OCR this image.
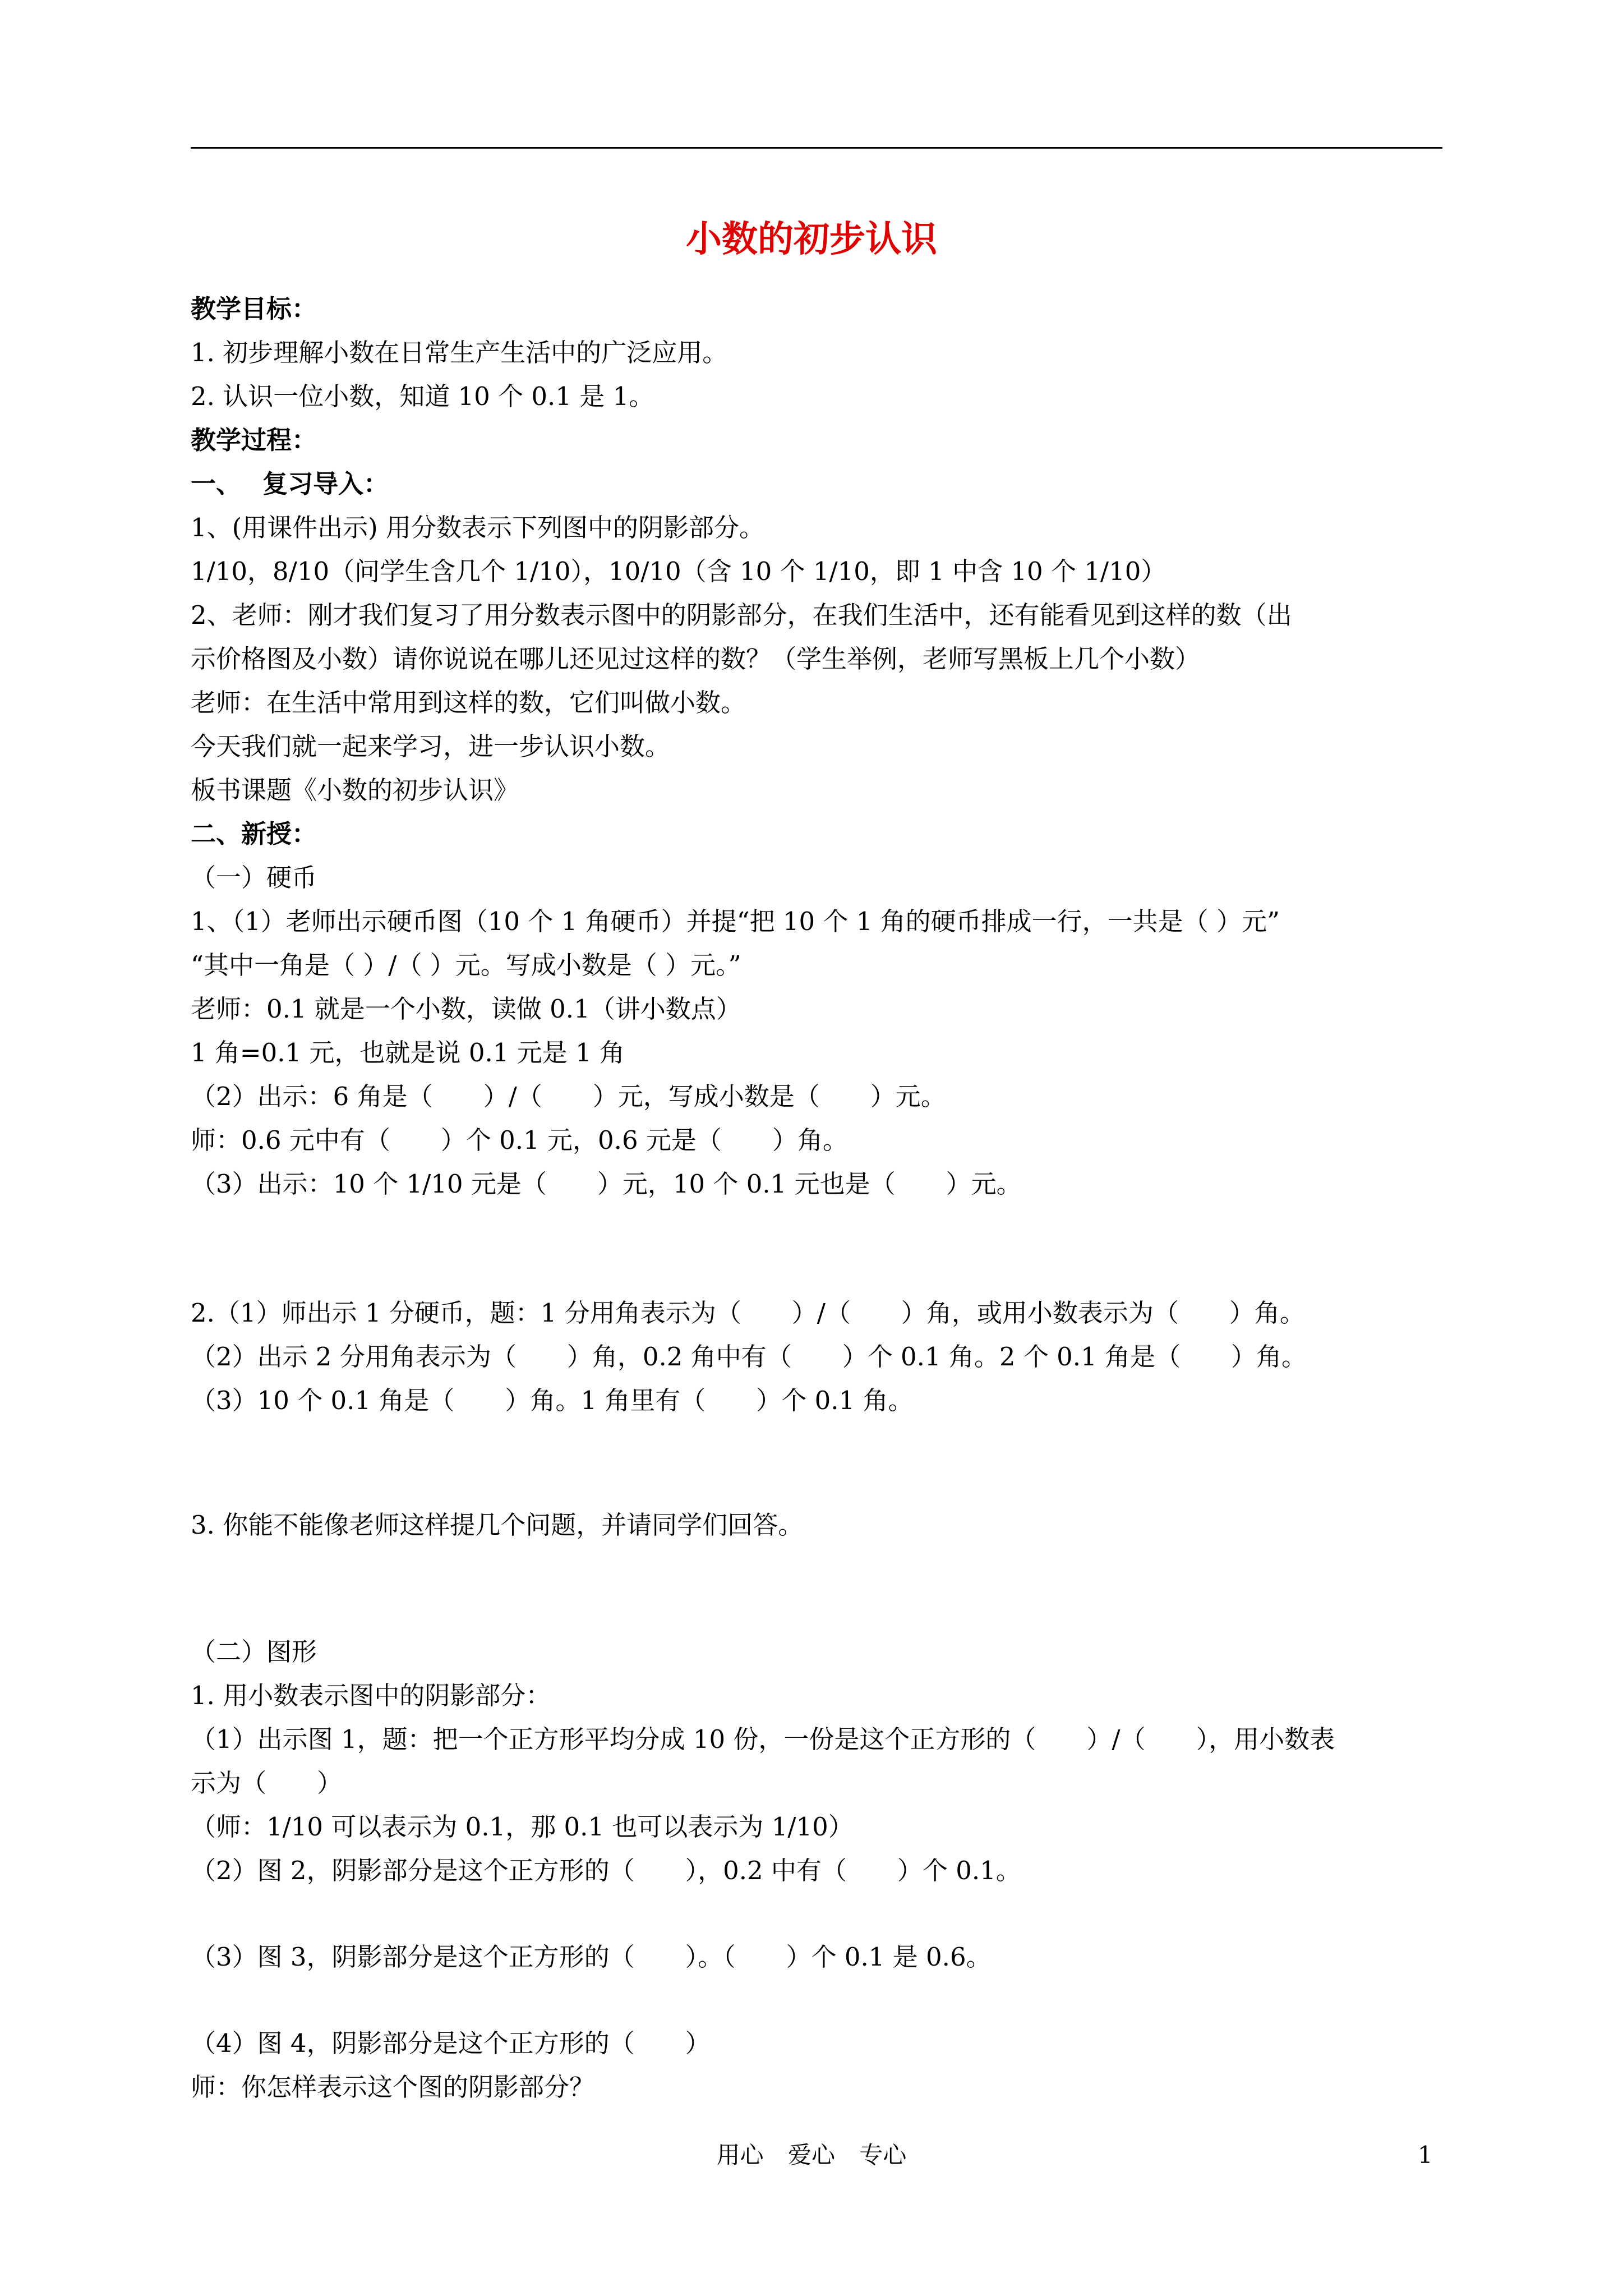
小数的初步认识
教学目标：
1. 初步理解小数在日常生产生活中的广泛应用。
2. 认识一位小数，知道 10 个 0.1 是 1。
教学过程：
一、　 复习导入：
1、(用课件出示) 用分数表示下列图中的阴影部分。
1/10，8/10（问学生含几个 1/10），10/10（含 10 个 1/10，即 1 中含 10 个 1/10）
2、老师：刚才我们复习了用分数表示图中的阴影部分，在我们生活中，还有能看见到这样的数（出
示价格图及小数）请你说说在哪儿还见过这样的数？（学生举例，老师写黑板上几个小数）
老师：在生活中常用到这样的数，它们叫做小数。
今天我们就一起来学习，进一步认识小数。
板书课题《小数的初步认识》
二、新授：
（一）硬币
1、（1）老师出示硬币图（10 个 1 角硬币）并提“把 10 个 1 角的硬币排成一行，一共是（ ）元”
“其中一角是（ ）/（ ）元。写成小数是（ ）元。”
老师：0.1 就是一个小数，读做 0.1（讲小数点）
1 角=0.1 元，也就是说 0.1 元是 1 角
（2）出示：6 角是（　　）/（　　）元，写成小数是（　　）元。
师：0.6 元中有（　　）个 0.1 元，0.6 元是（　　）角。
（3）出示：10 个 1/10 元是（　　）元，10 个 0.1 元也是（　　）元。
2.（1）师出示 1 分硬币，题：1 分用角表示为（　　）/（　　）角，或用小数表示为（　　）角。
（2）出示 2 分用角表示为（　　）角，0.2 角中有（　　）个 0.1 角。2 个 0.1 角是（　　）角。
（3）10 个 0.1 角是（　　）角。1 角里有（　　）个 0.1 角。
3. 你能不能像老师这样提几个问题，并请同学们回答。
（二）图形
1. 用小数表示图中的阴影部分：
（1）出示图 1，题：把一个正方形平均分成 10 份，一份是这个正方形的（　　）/（　　），用小数表
示为（　　）
（师：1/10 可以表示为 0.1，那 0.1 也可以表示为 1/10）
（2）图 2，阴影部分是这个正方形的（　　），0.2 中有（　　）个 0.1。
（3）图 3，阴影部分是这个正方形的（　　）。（　　）个 0.1 是 0.6。
（4）图 4，阴影部分是这个正方形的（　　）
师：你怎样表示这个图的阴影部分？
用心 爱心 专心	1
